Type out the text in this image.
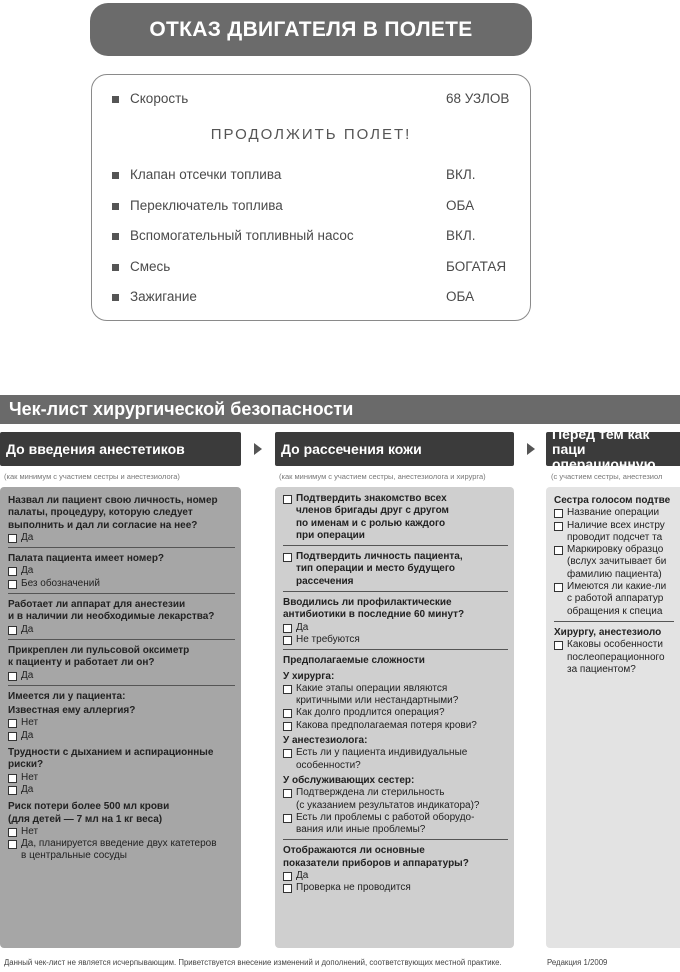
ОТКАЗ ДВИГАТЕЛЯ В ПОЛЕТЕ
Скорость	68 УЗЛОВ
ПРОДОЛЖИТЬ ПОЛЕТ!
Клапан отсечки топлива	ВКЛ.
Переключатель топлива	ОБА
Вспомогательный топливный насос	ВКЛ.
Смесь	БОГАТАЯ
Зажигание	ОБА
Чек-лист хирургической безопасности
До введения анестетиков	До рассечения кожи
Перед тем как паци
операционную
(как минимум с участием сестры и анестезиолога)	(как минимум с участием сестры, анестезиолога и хирурга)	(с участием сестры, анестезиол
Назвал ли пациент свою личность, номер
палаты, процедуру, которую следует
выполнить и дал ли согласие на нее?
Да
Палата пациента имеет номер?
Да
Без обозначений
Работает ли аппарат для анестезии
и в наличии ли необходимые лекарства?
Да
Прикреплен ли пульсовой оксиметр
к пациенту и работает ли он?
Да
Имеется ли у пациента:
Известная ему аллергия?
Нет
Да
Трудности с дыханием и аспирационные
риски?
Нет
Да
Риск потери более 500 мл крови
(для детей — 7 мл на 1 кг веса)
Нет
Да, планируется введение двух катетеров
в центральные сосуды
Подтвердить знакомство всех
членов бригады друг с другом
по именам и с ролью каждого
при операции
Подтвердить личность пациента,
тип операции и место будущего
рассечения
Вводились ли профилактические
антибиотики в последние 60 минут?
Да
Не требуются
Предполагаемые сложности
У хирурга:
Какие этапы операции являются
критичными или нестандартными?
Как долго продлится операция?
Какова предполагаемая потеря крови?
У анестезиолога:
Есть ли у пациента индивидуальные
особенности?
У обслуживающих сестер:
Подтверждена ли стерильность
(с указанием результатов индикатора)?
Есть ли проблемы с работой оборудо-
вания или иные проблемы?
Отображаются ли основные
показатели приборов и аппаратуры?
Да
Проверка не проводится
Сестра голосом подтве
Название операции
Наличие всех инстру
проводит подсчет та
Маркировку образцо
(вслух зачитывает би
фамилию пациента)
Имеются ли какие-ли
с работой аппаратур
обращения к специа
Хирургу, анестезиоло
Каковы особенности
послеоперационного
за пациентом?
Данный чек-лист не является исчерпывающим. Приветствуется внесение изменений и дополнений, соответствующих местной практике.	Редакция 1/2009
